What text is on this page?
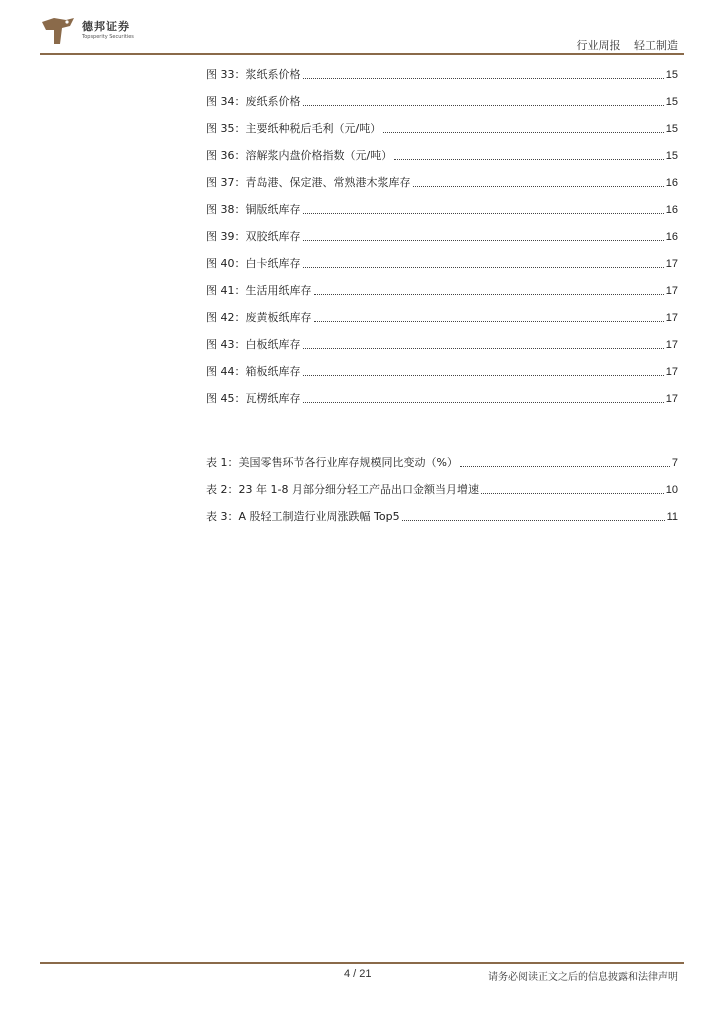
德邦证券
Topsperity Securities
行业周报 轻工制造
图 33：浆纸系价格	15
图 34：废纸系价格	15
图 35：主要纸种税后毛利（元/吨）	15
图 36：溶解浆内盘价格指数（元/吨）	15
图 37：青岛港、保定港、常熟港木浆库存	16
图 38：铜版纸库存	16
图 39：双胶纸库存	16
图 40：白卡纸库存	17
图 41：生活用纸库存	17
图 42：废黄板纸库存	17
图 43：白板纸库存	17
图 44：箱板纸库存	17
图 45：瓦楞纸库存	17
表 1：美国零售环节各行业库存规模同比变动（%）	7
表 2：23 年 1-8 月部分细分轻工产品出口金额当月增速	10
表 3：A 股轻工制造行业周涨跌幅 Top5	11
4 / 21	请务必阅读正文之后的信息披露和法律声明
